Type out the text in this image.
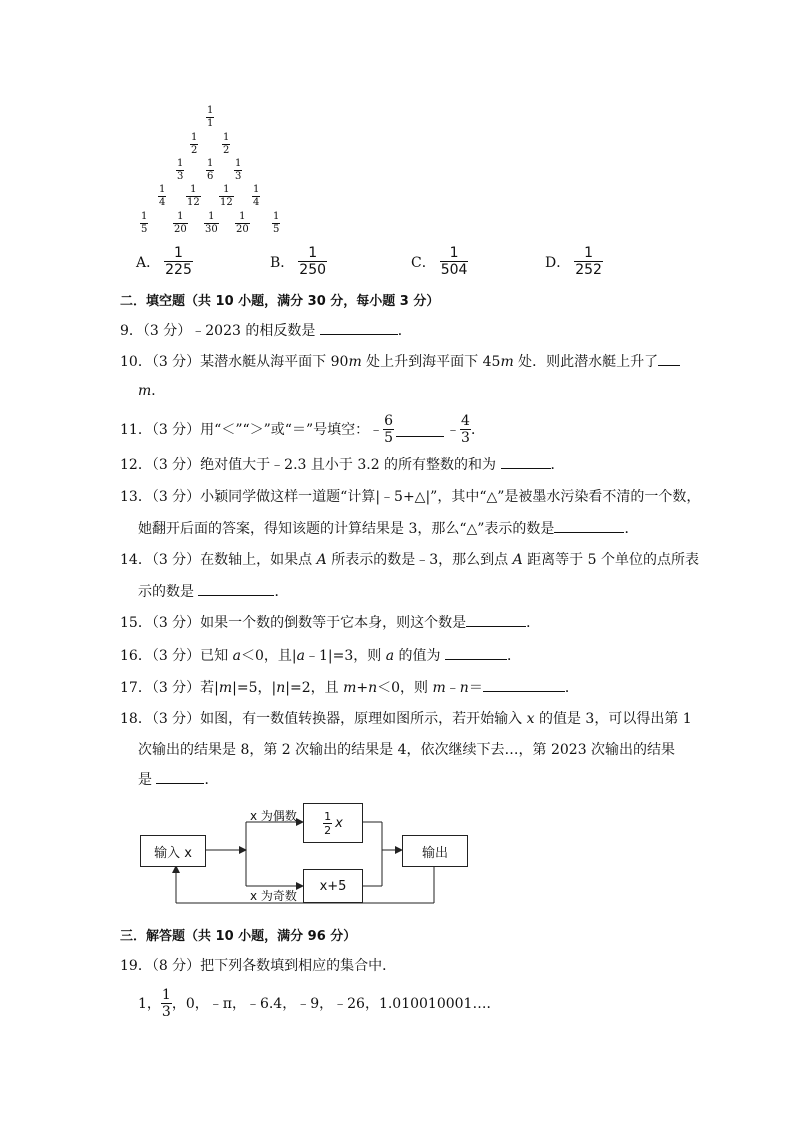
$\frac{1}{1}$
$\frac{1}{2} \frac{1}{2}$
$\frac{1}{3} \frac{1}{6} \frac{1}{3}$
$\frac{1}{4} \frac{1}{12} \frac{1}{12} \frac{1}{4}$
$\frac{1}{5} \frac{1}{20} \frac{1}{30} \frac{1}{20} \frac{1}{5}$
A． $\frac{1}{225}$	B． $\frac{1}{250}$	C． $\frac{1}{504}$	D． $\frac{1}{252}$
二．填空题（共 10 小题，满分 30 分，每小题 3 分）
9．（3 分）﹣2023 的相反数是	．
10．（3 分）某潜水艇从海平面下 90m 处上升到海平面下 45m 处．则此潜水艇上升了
m．
11．（3 分）用“＜”“＞”或“＝”号填空：﹣ $\frac{6}{5}$	﹣ $\frac{4}{3}$ ．
12．（3 分）绝对值大于﹣2.3 且小于 3.2 的所有整数的和为	．
13．（3 分）小颖同学做这样一道题“计算|﹣5+△|”，其中“△”是被墨水污染看不清的一个数，
她翻开后面的答案，得知该题的计算结果是 3，那么“△”表示的数是	．
14．（3 分）在数轴上，如果点 A 所表示的数是﹣3，那么到点 A 距离等于 5 个单位的点所表
示的数是	．
15．（3 分）如果一个数的倒数等于它本身，则这个数是	．
16．（3 分）已知 a＜0，且|a﹣1|=3，则 a 的值为	．
17．（3 分）若|m|=5，|n|=2，且 m+n＜0，则 m﹣n＝	．
18．（3 分）如图，有一数值转换器，原理如图所示，若开始输入 x 的值是 3，可以得出第 1
次输出的结果是 8，第 2 次输出的结果是 4，依次继续下去…，第 2023 次输出的结果
是	．
输入 x
x 为偶数
x 为奇数
$\frac{1}{2}$ x
x+5
输出
三．解答题（共 10 小题，满分 96 分）
19．（8 分）把下列各数填到相应的集合中．
1， $\frac{1}{3}$ ，0，﹣π，﹣6.4，﹣9，﹣26，1.010010001…．
